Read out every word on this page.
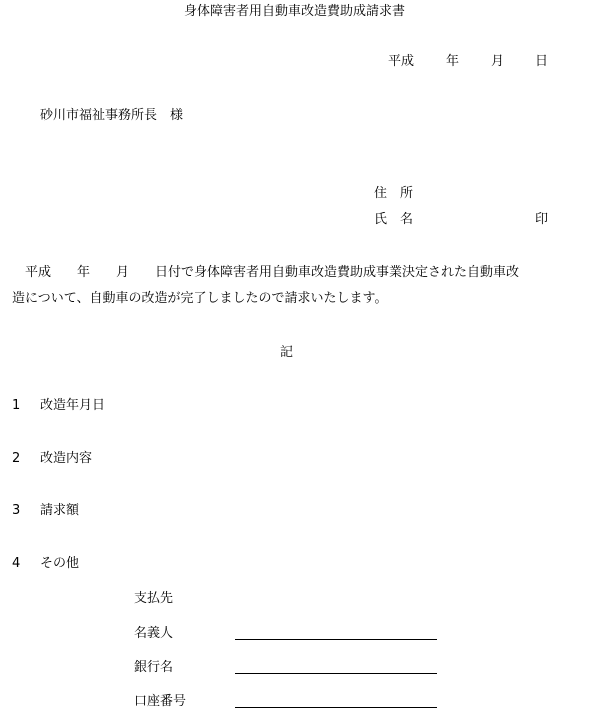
身体障害者用自動車改造費助成請求書
平成 年 月 日
砂川市福祉事務所長　様
住　所
氏　名	印
　平成　　年　　月　　日付で身体障害者用自動車改造費助成事業決定された自動車改
造について、自動車の改造が完了しましたので請求いたします。
記
1 改造年月日
2 改造内容
3 請求額
4 その他
支払先
名義人
銀行名
口座番号
